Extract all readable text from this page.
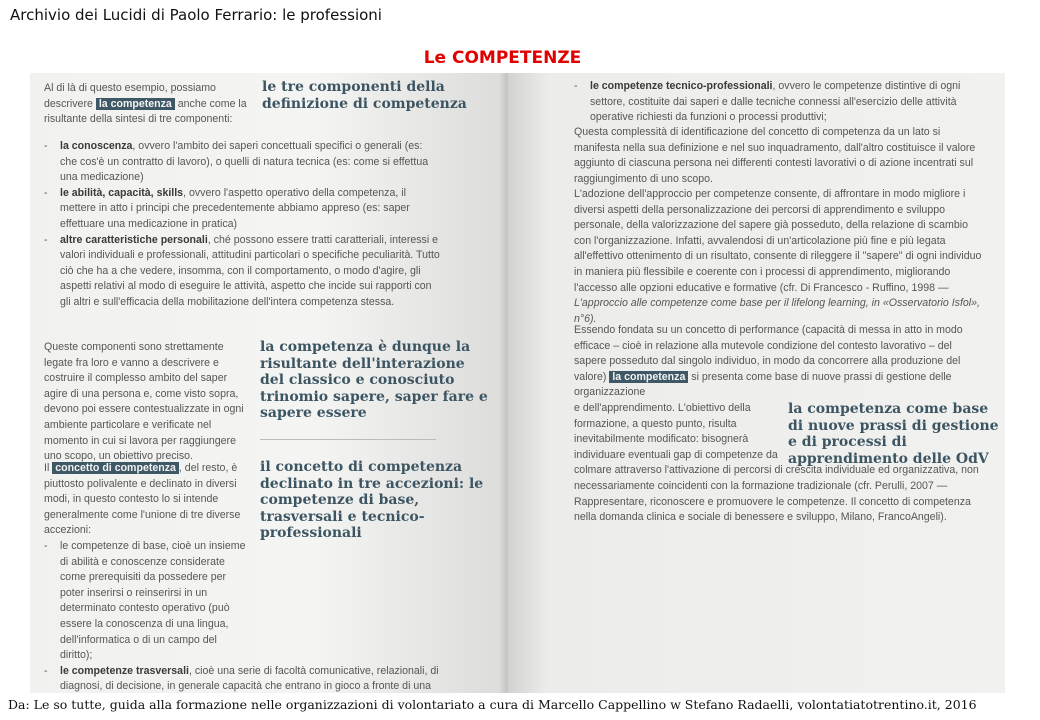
Archivio dei Lucidi di Paolo Ferrario: le professioni
Le COMPETENZE
Al di là di questo esempio, possiamo descrivere la competenza anche come la risultante della sintesi di tre componenti:
le tre componenti della definizione di competenza
- la conoscenza, ovvero l'ambito dei saperi concettuali specifici o generali (es: che cos'è un contratto di lavoro), o quelli di natura tecnica (es: come si effettua una medicazione)
- le abilità, capacità, skills, ovvero l'aspetto operativo della competenza, il mettere in atto i principi che precedentemente abbiamo appreso (es: saper effettuare una medicazione in pratica)
- altre caratteristiche personali, ché possono essere tratti caratteriali, interessi e valori individuali e professionali, attitudini particolari o specifiche peculiarità. Tutto ciò che ha a che vedere, insomma, con il comportamento, o modo d'agire, gli aspetti relativi al modo di eseguire le attività, aspetto che incide sui rapporti con gli altri e sull'efficacia della mobilitazione dell'intera competenza stessa.
Queste componenti sono strettamente legate fra loro e vanno a descrivere e costruire il complesso ambito del saper agire di una persona e, come visto sopra, devono poi essere contestualizzate in ogni ambiente particolare e verificate nel momento in cui si lavora per raggiungere uno scopo, un obiettivo preciso.
Il concetto di competenza , del resto, è piuttosto polivalente e declinato in diversi modi, in questo contesto lo si intende generalmente come l'unione di tre diverse accezioni:
- le competenze di base, cioè un insieme di abilità e conoscenze considerate come prerequisiti da possedere per poter inserirsi o reinserirsi in un determinato contesto operativo (può essere la conoscenza di una lingua, dell'informatica o di un campo del diritto);
- le competenze trasversali, cioè una serie di facoltà comunicative, relazionali, di diagnosi, di decisione, in generale capacità che entrano in gioco a fronte di una
la competenza è dunque la risultante dell'interazione del classico e conosciuto trinomio sapere, saper fare e sapere essere
il concetto di competenza declinato in tre accezioni: le competenze di base, trasversali e tecnico-professionali
- le competenze tecnico-professionali, ovvero le competenze distintive di ogni settore, costituite dai saperi e dalle tecniche connessi all'esercizio delle attività operative richiesti da funzioni o processi produttivi;
Questa complessità di identificazione del concetto di competenza da un lato si manifesta nella sua definizione e nel suo inquadramento, dall'altro costituisce il valore aggiunto di ciascuna persona nei differenti contesti lavorativi o di azione incentrati sul raggiungimento di uno scopo.
L'adozione dell'approccio per competenze consente, di affrontare in modo migliore i diversi aspetti della personalizzazione dei percorsi di apprendimento e sviluppo personale, della valorizzazione del sapere già posseduto, della relazione di scambio con l'organizzazione. Infatti, avvalendosi di un'articolazione più fine e più legata all'effettivo ottenimento di un risultato, consente di rileggere il "sapere" di ogni individuo in maniera più flessibile e coerente con i processi di apprendimento, migliorando l'accesso alle opzioni educative e formative (cfr. Di Francesco - Ruffino, 1998 — L'approccio alle competenze come base per il lifelong learning, in «Osservatorio Isfol», n°6).
Essendo fondata su un concetto di performance (capacità di messa in atto in modo efficace – cioè in relazione alla mutevole condizione del contesto lavorativo – del sapere posseduto dal singolo individuo, in modo da concorrere alla produzione del valore) la competenza si presenta come base di nuove prassi di gestione delle organizzazione
e dell'apprendimento. L'obiettivo della formazione, a questo punto, risulta inevitabilmente modificato: bisognerà individuare eventuali gap di competenze da colmare attraverso l'attivazione di percorsi di crescita individuale ed organizzativa, non necessariamente coincidenti con la formazione tradizionale (cfr. Perulli, 2007 — Rappresentare, riconoscere e promuovere le competenze. Il concetto di competenza nella domanda clinica e sociale di benessere e sviluppo, Milano, FrancoAngeli).
la competenza come base di nuove prassi di gestione e di processi di apprendimento delle OdV
Da: Le so tutte, guida alla formazione nelle organizzazioni di volontariato a cura di Marcello Cappellino w Stefano Radaelli, volontatiatotrentino.it, 2016
